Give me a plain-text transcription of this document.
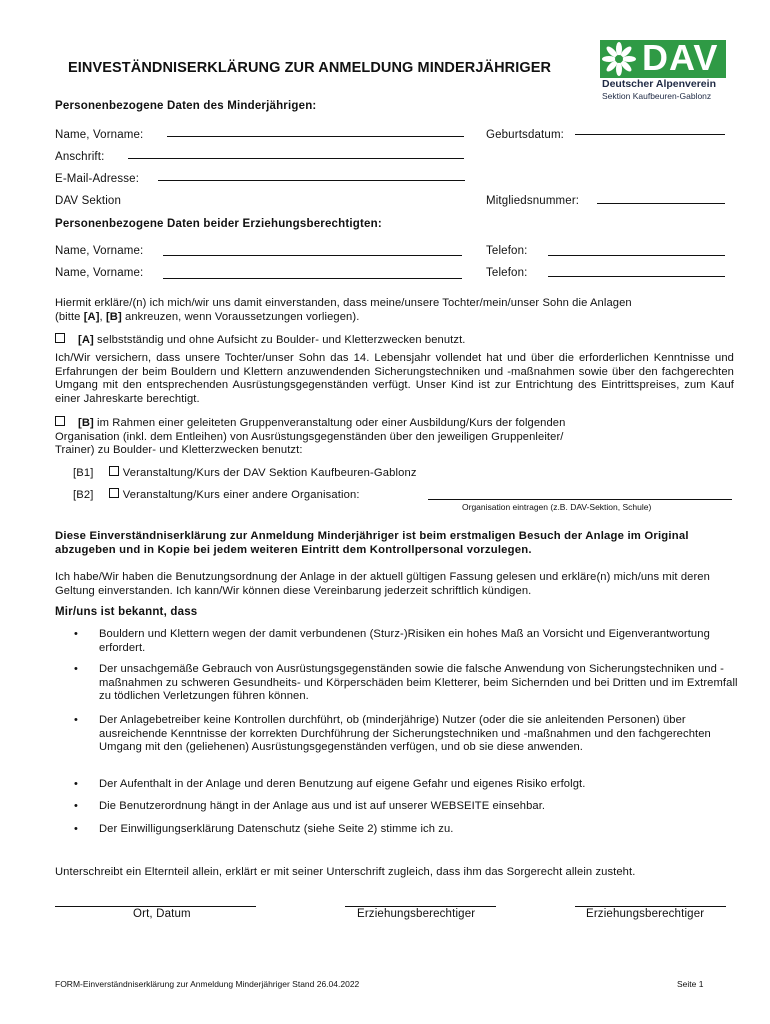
EINVESTÄNDNISERKLÄRUNG ZUR ANMELDUNG MINDERJÄHRIGER	DAV
Deutscher Alpenverein
Sektion Kaufbeuren-Gablonz
Personenbezogene Daten des Minderjährigen:
Name, Vorname:	Geburtsdatum:
Anschrift:
E-Mail-Adresse:
DAV Sektion	Mitgliedsnummer:
Personenbezogene Daten beider Erziehungsberechtigten:
Name, Vorname:	Telefon:
Name, Vorname:	Telefon:
Hiermit erkläre/(n) ich mich/wir uns damit einverstanden, dass meine/unsere Tochter/mein/unser Sohn die Anlagen
(bitte [A], [B] ankreuzen, wenn Voraussetzungen vorliegen).
[A] selbstständig und ohne Aufsicht zu Boulder- und Kletterzwecken benutzt.
Ich/Wir versichern, dass unsere Tochter/unser Sohn das 14. Lebensjahr vollendet hat und über die erforderlichen Kenntnisse und Erfahrungen der beim Bouldern und Klettern anzuwendenden Sicherungstechniken und -maßnahmen sowie über den fachgerechten Umgang mit den entsprechenden Ausrüstungsgegenständen verfügt. Unser Kind ist zur Entrichtung des Eintrittspreises, zum Kauf einer Jahreskarte berechtigt.
[B] im Rahmen einer geleiteten Gruppenveranstaltung oder einer Ausbildung/Kurs der folgenden
Organisation (inkl. dem Entleihen) von Ausrüstungsgegenständen über den jeweiligen Gruppenleiter/
Trainer) zu Boulder- und Kletterzwecken benutzt:
[B1]	Veranstaltung/Kurs der DAV Sektion Kaufbeuren-Gablonz
[B2]	Veranstaltung/Kurs einer andere Organisation:
Organisation eintragen (z.B. DAV-Sektion, Schule)
Diese Einverständniserklärung zur Anmeldung Minderjähriger ist beim erstmaligen Besuch der Anlage im Original abzugeben und in Kopie bei jedem weiteren Eintritt dem Kontrollpersonal vorzulegen.
Ich habe/Wir haben die Benutzungsordnung der Anlage in der aktuell gültigen Fassung gelesen und erkläre(n) mich/uns mit deren Geltung einverstanden. Ich kann/Wir können diese Vereinbarung jederzeit schriftlich kündigen.
Mir/uns ist bekannt, dass
• Bouldern und Klettern wegen der damit verbundenen (Sturz-)Risiken ein hohes Maß an Vorsicht und Eigenverantwortung erfordert.
• Der unsachgemäße Gebrauch von Ausrüstungsgegenständen sowie die falsche Anwendung von Sicherungstechniken und -maßnahmen zu schweren Gesundheits- und Körperschäden beim Kletterer, beim Sichernden und bei Dritten und im Extremfall zu tödlichen Verletzungen führen können.
• Der Anlagebetreiber keine Kontrollen durchführt, ob (minderjährige) Nutzer (oder die sie anleitenden Personen) über ausreichende Kenntnisse der korrekten Durchführung der Sicherungstechniken und -maßnahmen und den fachgerechten Umgang mit den (geliehenen) Ausrüstungsgegenständen verfügen, und ob sie diese anwenden.
• Der Aufenthalt in der Anlage und deren Benutzung auf eigene Gefahr und eigenes Risiko erfolgt.
• Die Benutzerordnung hängt in der Anlage aus und ist auf unserer WEBSEITE einsehbar.
• Der Einwilligungserklärung Datenschutz (siehe Seite 2) stimme ich zu.
Unterschreibt ein Elternteil allein, erklärt er mit seiner Unterschrift zugleich, dass ihm das Sorgerecht allein zusteht.
Ort, Datum	Erziehungsberechtiger	Erziehungsberechtiger
FORM-Einverständniserklärung zur Anmeldung Minderjähriger Stand 26.04.2022	Seite 1
